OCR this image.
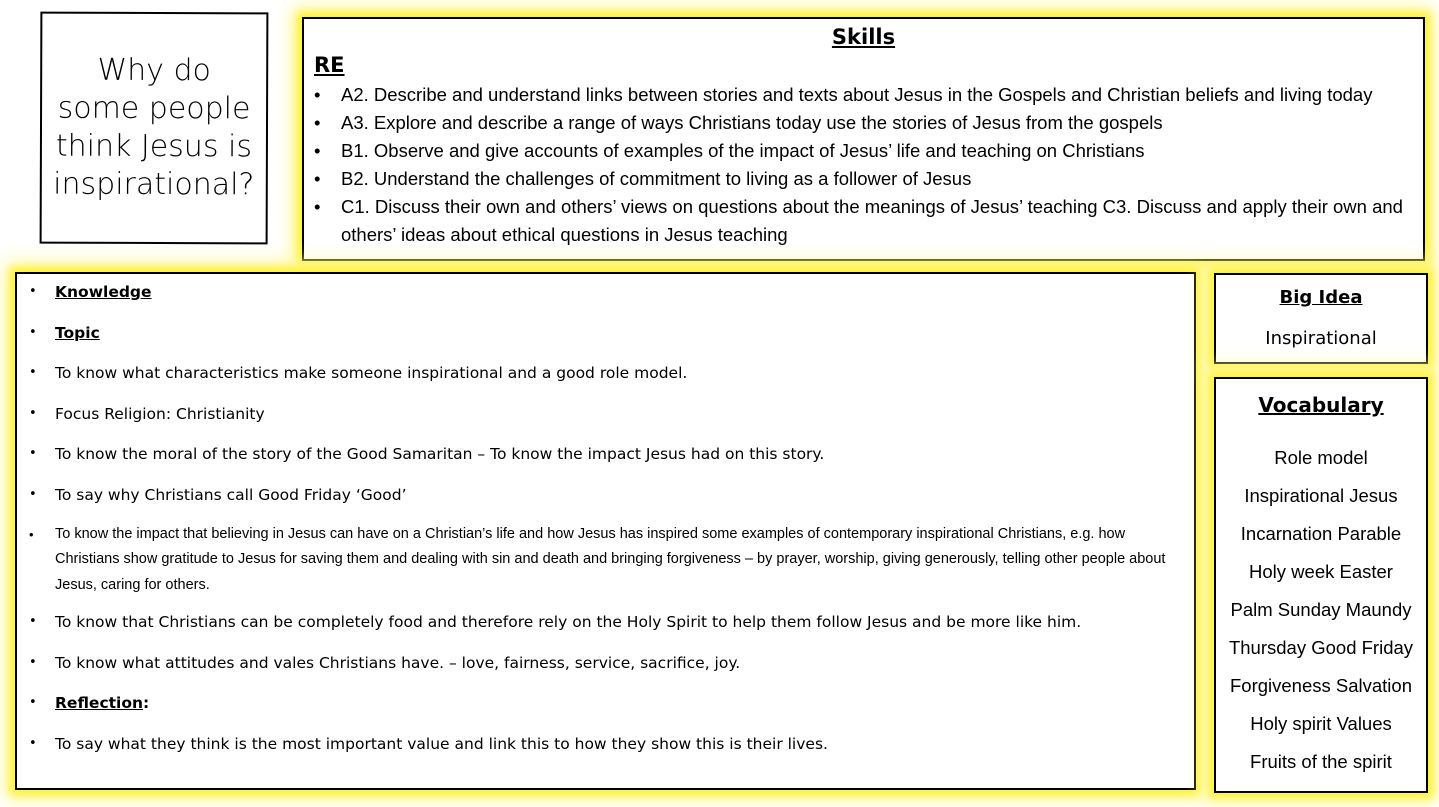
Why do some people think Jesus is inspirational?
Skills
RE
• A2. Describe and understand links between stories and texts about Jesus in the Gospels and Christian beliefs and living today
• A3. Explore and describe a range of ways Christians today use the stories of Jesus from the gospels
• B1. Observe and give accounts of examples of the impact of Jesus’ life and teaching on Christians
• B2. Understand the challenges of commitment to living as a follower of Jesus
• C1. Discuss their own and others’ views on questions about the meanings of Jesus’ teaching C3. Discuss and apply their own and others’ ideas about ethical questions in Jesus teaching
• Knowledge
• Topic
• To know what characteristics make someone inspirational and a good role model.
• Focus Religion: Christianity
• To know the moral of the story of the Good Samaritan – To know the impact Jesus had on this story.
• To say why Christians call Good Friday ‘Good’
• To know the impact that believing in Jesus can have on a Christian’s life and how Jesus has inspired some examples of contemporary inspirational Christians, e.g. how Christians show gratitude to Jesus for saving them and dealing with sin and death and bringing forgiveness – by prayer, worship, giving generously, telling other people about Jesus, caring for others.
• To know that Christians can be completely food and therefore rely on the Holy Spirit to help them follow Jesus and be more like him.
• To know what attitudes and vales Christians have. – love, fairness, service, sacrifice, joy.
• Reflection:
• To say what they think is the most important value and link this to how they show this is their lives.
Big Idea
Inspirational
Vocabulary
Role model
Inspirational Jesus
Incarnation Parable
Holy week Easter
Palm Sunday Maundy
Thursday Good Friday
Forgiveness Salvation
Holy spirit Values
Fruits of the spirit
